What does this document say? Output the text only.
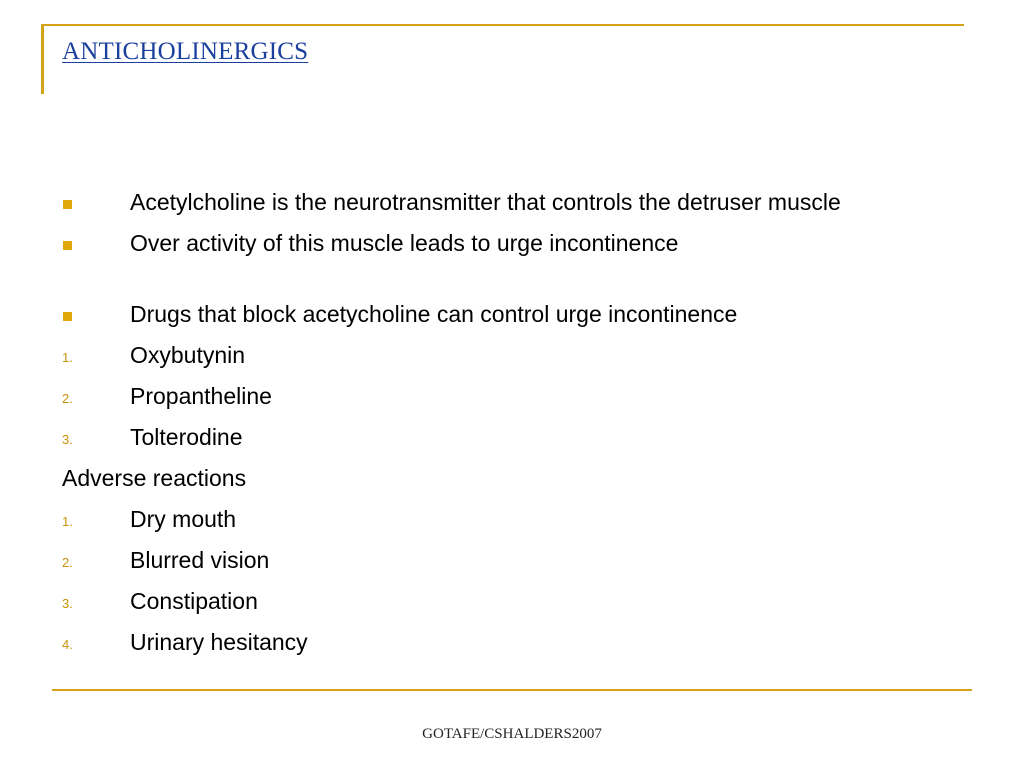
ANTICHOLINERGICS
Acetylcholine is the neurotransmitter that controls the detruser muscle
Over activity of this muscle leads to urge incontinence
Drugs that block acetycholine can control urge incontinence
1.	Oxybutynin
2.	Propantheline
3.	Tolterodine
Adverse reactions
1.	Dry mouth
2.	Blurred vision
3.	Constipation
4.	Urinary hesitancy
GOTAFE/CSHALDERS2007
